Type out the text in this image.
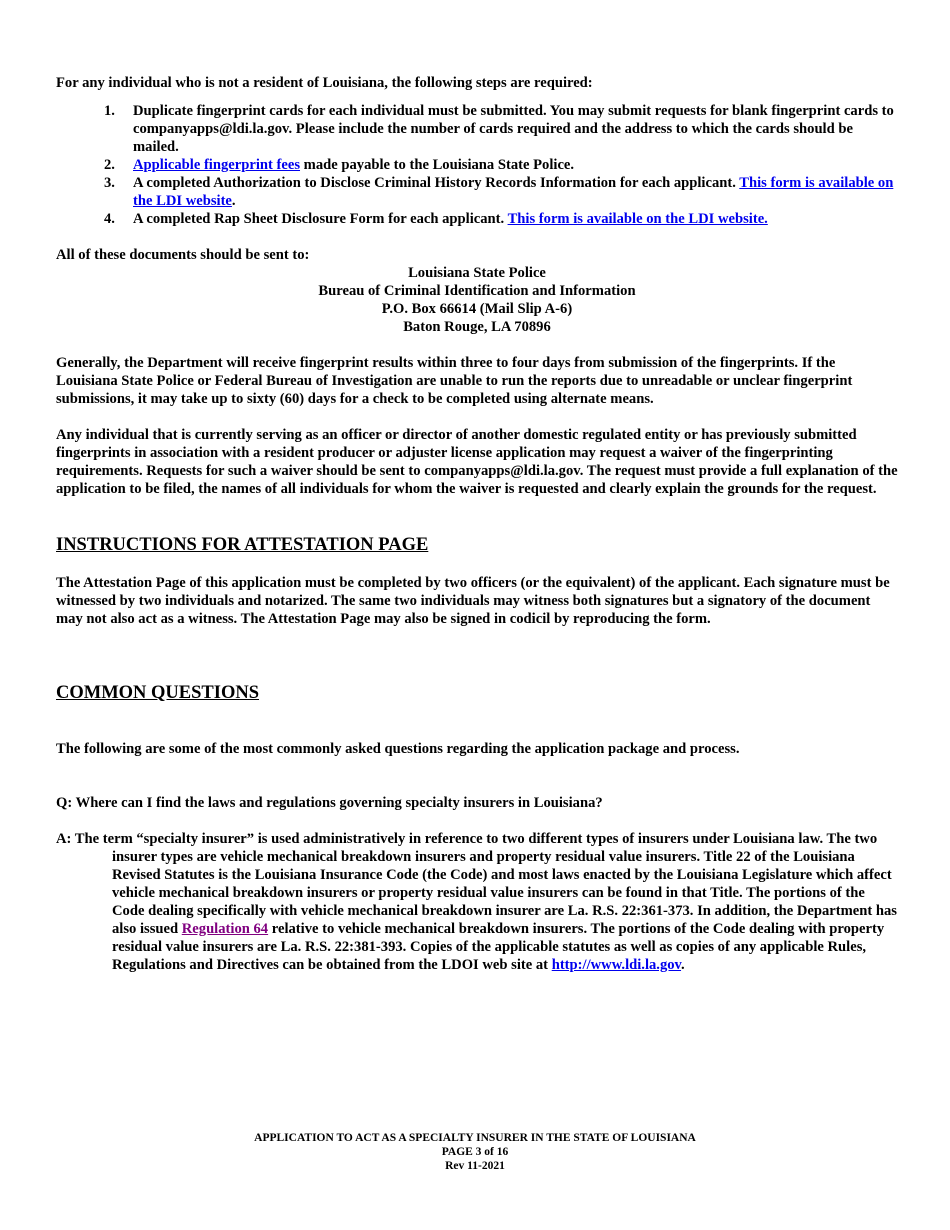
For any individual who is not a resident of Louisiana, the following steps are required:

1. Duplicate fingerprint cards for each individual must be submitted. You may submit requests for blank fingerprint cards to companyapps@ldi.la.gov. Please include the number of cards required and the address to which the cards should be mailed.
2. Applicable fingerprint fees made payable to the Louisiana State Police.
3. A completed Authorization to Disclose Criminal History Records Information for each applicant. This form is available on the LDI website.
4. A completed Rap Sheet Disclosure Form for each applicant. This form is available on the LDI website.

All of these documents should be sent to:

Louisiana State Police
Bureau of Criminal Identification and Information
P.O. Box 66614 (Mail Slip A-6)
Baton Rouge, LA 70896

Generally, the Department will receive fingerprint results within three to four days from submission of the fingerprints. If the Louisiana State Police or Federal Bureau of Investigation are unable to run the reports due to unreadable or unclear fingerprint submissions, it may take up to sixty (60) days for a check to be completed using alternate means.

Any individual that is currently serving as an officer or director of another domestic regulated entity or has previously submitted fingerprints in association with a resident producer or adjuster license application may request a waiver of the fingerprinting requirements. Requests for such a waiver should be sent to companyapps@ldi.la.gov. The request must provide a full explanation of the application to be filed, the names of all individuals for whom the waiver is requested and clearly explain the grounds for the request.

INSTRUCTIONS FOR ATTESTATION PAGE

The Attestation Page of this application must be completed by two officers (or the equivalent) of the applicant. Each signature must be witnessed by two individuals and notarized. The same two individuals may witness both signatures but a signatory of the document may not also act as a witness. The Attestation Page may also be signed in codicil by reproducing the form.

COMMON QUESTIONS

The following are some of the most commonly asked questions regarding the application package and process.

Q: Where can I find the laws and regulations governing specialty insurers in Louisiana?

A: The term “specialty insurer” is used administratively in reference to two different types of insurers under Louisiana law. The two insurer types are vehicle mechanical breakdown insurers and property residual value insurers. Title 22 of the Louisiana Revised Statutes is the Louisiana Insurance Code (the Code) and most laws enacted by the Louisiana Legislature which affect vehicle mechanical breakdown insurers or property residual value insurers can be found in that Title. The portions of the Code dealing specifically with vehicle mechanical breakdown insurer are La. R.S. 22:361-373. In addition, the Department has also issued Regulation 64 relative to vehicle mechanical breakdown insurers. The portions of the Code dealing with property residual value insurers are La. R.S. 22:381-393. Copies of the applicable statutes as well as copies of any applicable Rules, Regulations and Directives can be obtained from the LDOI web site at http://www.ldi.la.gov.

APPLICATION TO ACT AS A SPECIALTY INSURER IN THE STATE OF LOUISIANA
PAGE 3 of 16
Rev 11-2021
